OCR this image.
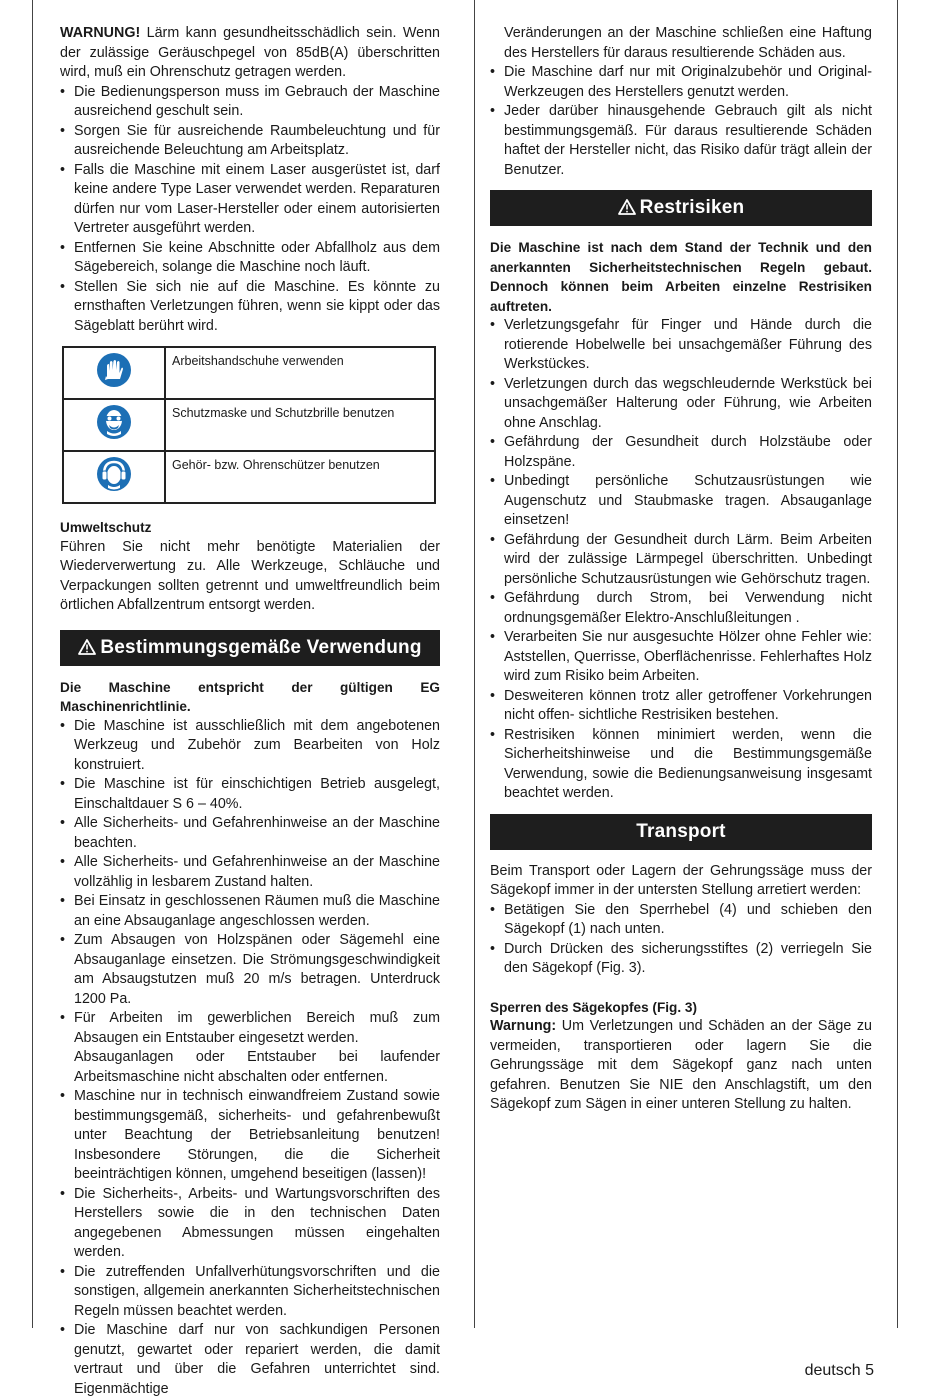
WARNUNG! Lärm kann gesundheitsschädlich sein. Wenn der zulässige Geräuschpegel von 85dB(A) überschritten wird, muß ein Ohrenschutz getragen werden.

• Die Bedienungsperson muss im Gebrauch der Maschine ausreichend geschult sein.
• Sorgen Sie für ausreichende Raumbeleuchtung und für ausreichende Beleuchtung am Arbeitsplatz.
• Falls die Maschine mit einem Laser ausgerüstet ist, darf keine andere Type Laser verwendet werden. Reparaturen dürfen nur vom Laser-Hersteller oder einem autorisierten Vertreter ausgeführt werden.
• Entfernen Sie keine Abschnitte oder Abfallholz aus dem Sägebereich, solange die Maschine noch läuft.
• Stellen Sie sich nie auf die Maschine. Es könnte zu ernsthaften Verletzungen führen, wenn sie kippt oder das Sägeblatt berührt wird.
	Arbeitshandschuhe verwenden
	Schutzmaske und Schutzbrille benutzen
	Gehör- bzw. Ohrenschützer benutzen
Umweltschutz

Führen Sie nicht mehr benötigte Materialien der Wiederverwertung zu. Alle Werkzeuge, Schläuche und Verpackungen sollten getrennt und umweltfreundlich beim örtlichen Abfallzentrum entsorgt werden.

Bestimmungsgemäße Verwendung
Die Maschine entspricht der gültigen EG Maschinenrichtlinie.
• Die Maschine ist ausschließlich mit dem angebotenen Werkzeug und Zubehör zum Bearbeiten von Holz konstruiert.
• Die Maschine ist für einschichtigen Betrieb ausgelegt, Einschaltdauer S 6 – 40%.
• Alle Sicherheits- und Gefahrenhinweise an der Maschine beachten.
• Alle Sicherheits- und Gefahrenhinweise an der Maschine vollzählig in lesbarem Zustand halten.
• Bei Einsatz in geschlossenen Räumen muß die Maschine an eine Absauganlage angeschlossen werden.
• Zum Absaugen von Holzspänen oder Sägemehl eine Absauganlage einsetzen. Die Strömungsgeschwindigkeit am Absaugstutzen muß 20 m/s betragen. Unterdruck 1200 Pa.
• Für Arbeiten im gewerblichen Bereich muß zum Absaugen ein Entstauber eingesetzt werden.
Absauganlagen oder Entstauber bei laufender Arbeitsmaschine nicht abschalten oder entfernen.
• Maschine nur in technisch einwandfreiem Zustand sowie bestimmungsgemäß, sicherheits- und gefahrenbewußt unter Beachtung der Betriebsanleitung benutzen! Insbesondere Störungen, die die Sicherheit beeinträchtigen können, umgehend beseitigen (lassen)!
• Die Sicherheits-, Arbeits- und Wartungsvorschriften des Herstellers sowie die in den technischen Daten angegebenen Abmessungen müssen eingehalten werden.
• Die zutreffenden Unfallverhütungsvorschriften und die sonstigen, allgemein anerkannten Sicherheitstechnischen Regeln müssen beachtet werden.
• Die Maschine darf nur von sachkundigen Personen genutzt, gewartet oder repariert werden, die damit vertraut und über die Gefahren unterrichtet sind. Eigenmächtige
Veränderungen an der Maschine schließen eine Haftung des Herstellers für daraus resultierende Schäden aus.
• Die Maschine darf nur mit Originalzubehör und Original-Werkzeugen des Herstellers genutzt werden.
• Jeder darüber hinausgehende Gebrauch gilt als nicht bestimmungsgemäß. Für daraus resultierende Schäden haftet der Hersteller nicht, das Risiko dafür trägt allein der Benutzer.
Restrisiken
Die Maschine ist nach dem Stand der Technik und den anerkannten Sicherheitstechnischen Regeln gebaut. Dennoch können beim Arbeiten einzelne Restrisiken auftreten.
• Verletzungsgefahr für Finger und Hände durch die rotierende Hobelwelle bei unsachgemäßer Führung des Werkstückes.
• Verletzungen durch das wegschleudernde Werkstück bei unsachgemäßer Halterung oder Führung, wie Arbeiten ohne Anschlag.
• Gefährdung der Gesundheit durch Holzstäube oder Holzspäne.
• Unbedingt persönliche Schutzausrüstungen wie Augenschutz und Staubmaske tragen. Absauganlage einsetzen!
• Gefährdung der Gesundheit durch Lärm. Beim Arbeiten wird der zulässige Lärmpegel überschritten. Unbedingt persönliche Schutzausrüstungen wie Gehörschutz tragen.
• Gefährdung durch Strom, bei Verwendung nicht ordnungsgemäßer Elektro-Anschlußleitungen .
• Verarbeiten Sie nur ausgesuchte Hölzer ohne Fehler wie: Aststellen, Querrisse, Oberflächenrisse. Fehlerhaftes Holz wird zum Risiko beim Arbeiten.
• Desweiteren können trotz aller getroffener Vorkehrungen nicht offen- sichtliche Restrisiken bestehen.
• Restrisiken können minimiert werden, wenn die Sicherheitshinweise und die Bestimmungsgemäße Verwendung, sowie die Bedienungsanweisung insgesamt beachtet werden.
Transport

Beim Transport oder Lagern der Gehrungssäge muss der Sägekopf immer in der untersten Stellung arretiert werden:

• Betätigen Sie den Sperrhebel (4) und schieben den Sägekopf (1) nach unten.
• Durch Drücken des sicherungsstiftes (2) verriegeln Sie den Sägekopf (Fig. 3).
Sperren des Sägekopfes (Fig. 3)

Warnung: Um Verletzungen und Schäden an der Säge zu vermeiden, transportieren oder lagern Sie die Gehrungssäge mit dem Sägekopf ganz nach unten gefahren. Benutzen Sie NIE den Anschlagstift, um den Sägekopf zum Sägen in einer unteren Stellung zu halten.

deutsch 5
